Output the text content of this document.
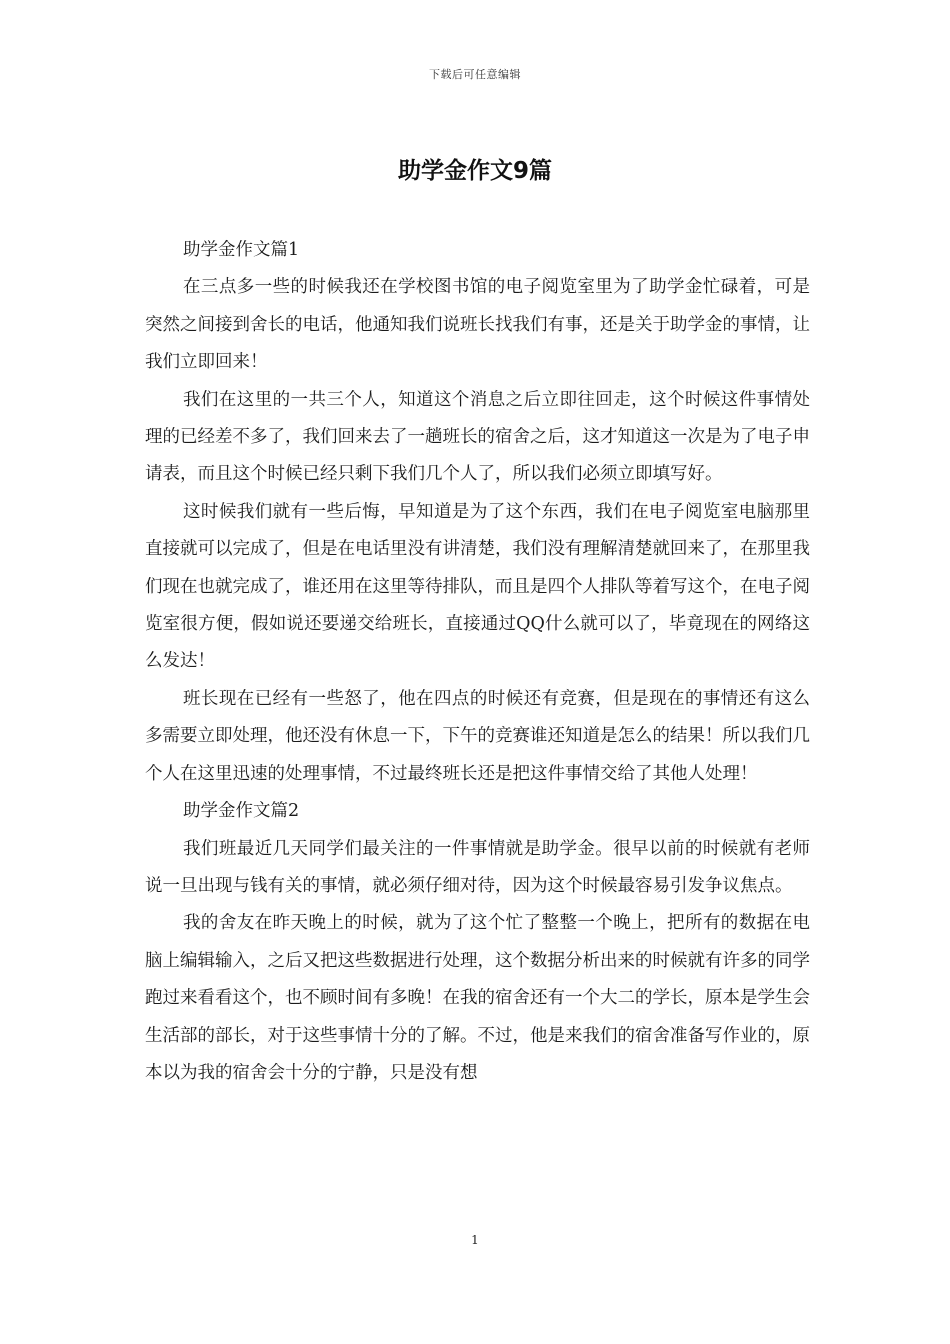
下载后可任意编辑
助学金作文9篇

助学金作文篇1

在三点多一些的时候我还在学校图书馆的电子阅览室里为了助学金忙碌着，可是突然之间接到舍长的电话，他通知我们说班长找我们有事，还是关于助学金的事情，让我们立即回来！

我们在这里的一共三个人，知道这个消息之后立即往回走，这个时候这件事情处理的已经差不多了，我们回来去了一趟班长的宿舍之后，这才知道这一次是为了电子申请表，而且这个时候已经只剩下我们几个人了，所以我们必须立即填写好。

这时候我们就有一些后悔，早知道是为了这个东西，我们在电子阅览室电脑那里直接就可以完成了，但是在电话里没有讲清楚，我们没有理解清楚就回来了，在那里我们现在也就完成了，谁还用在这里等待排队，而且是四个人排队等着写这个，在电子阅览室很方便，假如说还要递交给班长，直接通过QQ什么就可以了，毕竟现在的网络这么发达！

班长现在已经有一些怒了，他在四点的时候还有竞赛，但是现在的事情还有这么多需要立即处理，他还没有休息一下，下午的竞赛谁还知道是怎么的结果！所以我们几个人在这里迅速的处理事情，不过最终班长还是把这件事情交给了其他人处理！

助学金作文篇2

我们班最近几天同学们最关注的一件事情就是助学金。很早以前的时候就有老师说一旦出现与钱有关的事情，就必须仔细对待，因为这个时候最容易引发争议焦点。

我的舍友在昨天晚上的时候，就为了这个忙了整整一个晚上，把所有的数据在电脑上编辑输入，之后又把这些数据进行处理，这个数据分析出来的时候就有许多的同学跑过来看看这个，也不顾时间有多晚！在我的宿舍还有一个大二的学长，原本是学生会生活部的部长，对于这些事情十分的了解。不过，他是来我们的宿舍准备写作业的，原本以为我的宿舍会十分的宁静，只是没有想

1
